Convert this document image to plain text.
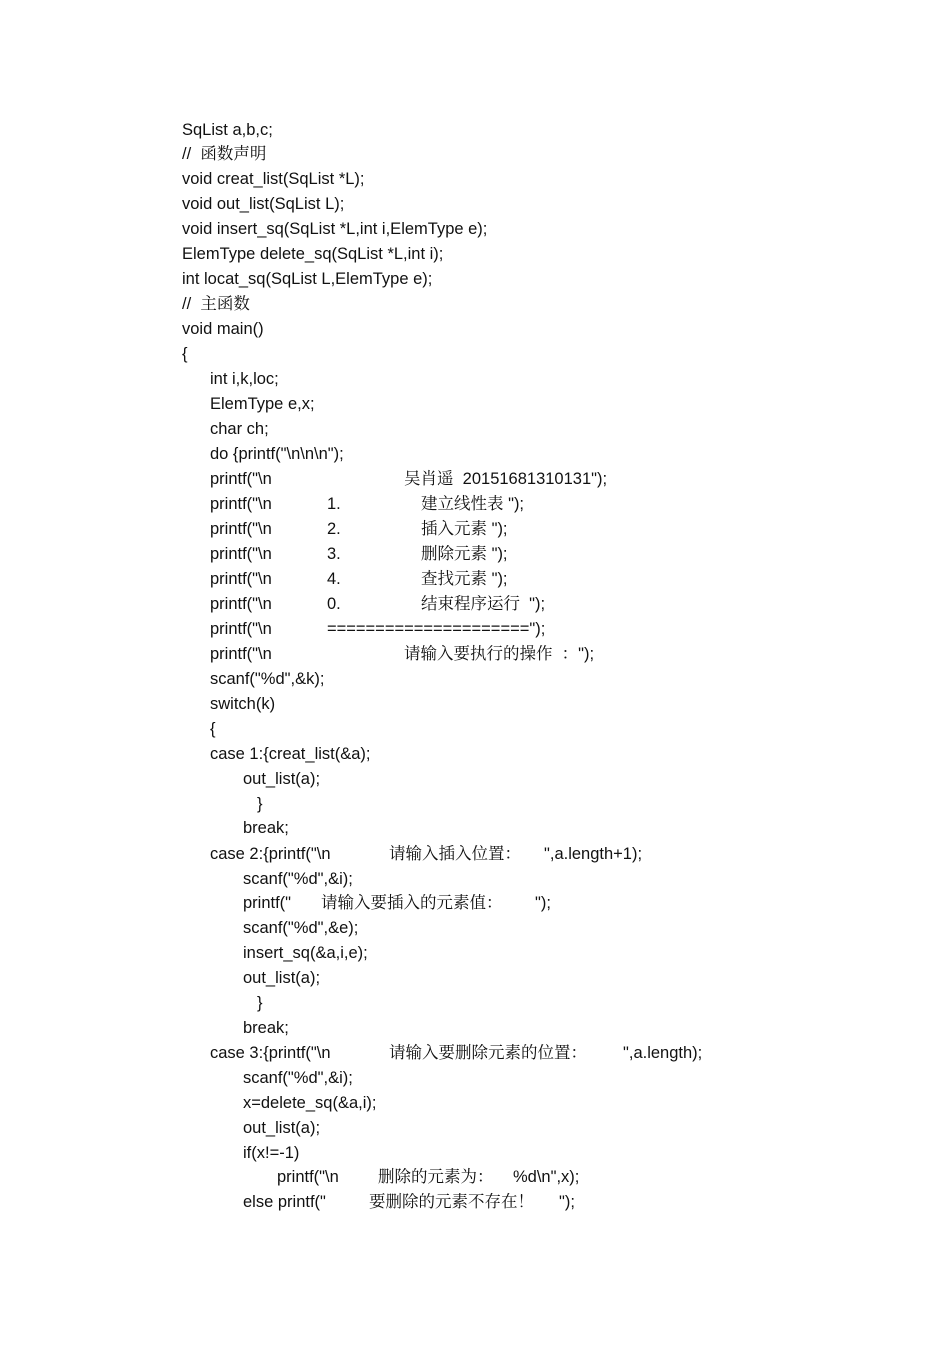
SqList a,b,c;
//  函数声明
void creat_list(SqList *L);
void out_list(SqList L);
void insert_sq(SqList *L,int i,ElemType e);
ElemType delete_sq(SqList *L,int i);
int locat_sq(SqList L,ElemType e);
//  主函数
void main()
{
int i,k,loc;
ElemType e,x;
char ch;
do {printf("\n\n\n");

printf("\n

	吴肖遥  20151681310131");

printf("\n

	1.

	建立线性表 ");

printf("\n

	2.

	插入元素 ");

printf("\n

	3.

	删除元素 ");

printf("\n

	4.

	查找元素 ");

printf("\n

	0.

	结束程序运行  ");

printf("\n

	=====================");

printf("\n

	请输入要执行的操作  ：");

scanf("%d",&k);
switch(k)
{
case 1:{creat_list(&a);
out_list(a);
}
break;

case 2:{printf("\n

	请输入插入位置：

",a.length+1);

scanf("%d",&i);

printf("

请输入要插入的元素值：

");

scanf("%d",&e);
insert_sq(&a,i,e);
out_list(a);
}
break;

case 3:{printf("\n

	请输入要删除元素的位置：

",a.length);

scanf("%d",&i);
x=delete_sq(&a,i);
out_list(a);
if(x!=-1)

printf("\n

删除的元素为：

%d\n",x);

else printf("

	要删除的元素不存在！

");
